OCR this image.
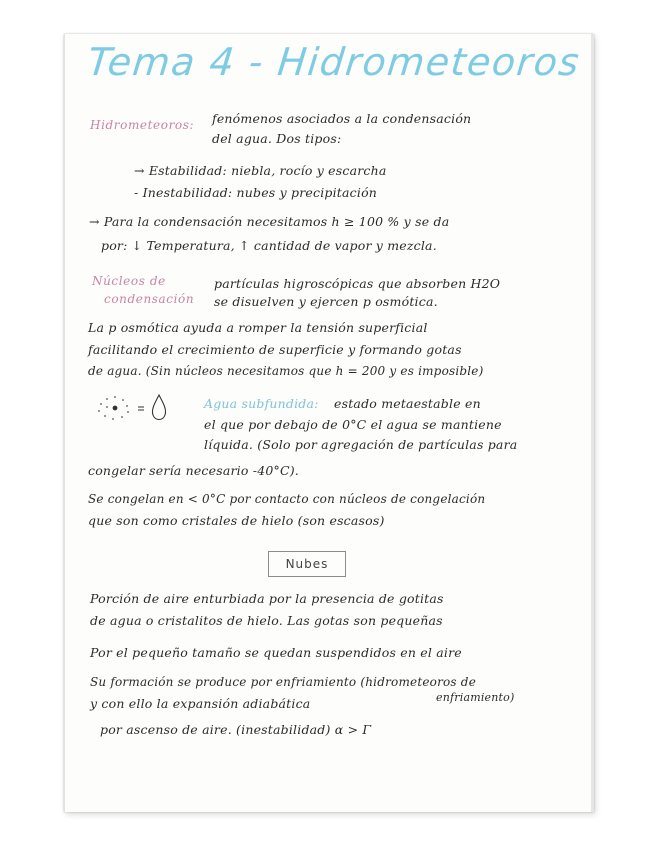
Tema 4 - Hidrometeoros

Hidrometeoros: fenómenos asociados a la condensación

del agua. Dos tipos:

→ Estabilidad: niebla, rocío y escarcha

- Inestabilidad: nubes y precipitación

→ Para la condensación necesitamos h ≥ 100 % y se da

por: ↓ Temperatura, ↑ cantidad de vapor y mezcla.

Núcleos de

condensación

partículas higroscópicas que absorben H2O

se disuelven y ejercen p osmótica.

La p osmótica ayuda a romper la tensión superficial

facilitando el crecimiento de superficie y formando gotas

de agua. (Sin núcleos necesitamos que h = 200 y es imposible)

Agua subfundida: estado metaestable en

el que por debajo de 0°C el agua se mantiene

líquida. (Solo por agregación de partículas para

congelar sería necesario -40°C).

Se congelan en < 0°C por contacto con núcleos de congelación

que son como cristales de hielo (son escasos)

Nubes

Porción de aire enturbiada por la presencia de gotitas

de agua o cristalitos de hielo. Las gotas son pequeñas

Por el pequeño tamaño se quedan suspendidos en el aire

Su formación se produce por enfriamiento (hidrometeoros de

enfriamiento)

y con ello la expansión adiabática

por ascenso de aire. (inestabilidad) α > Γ
